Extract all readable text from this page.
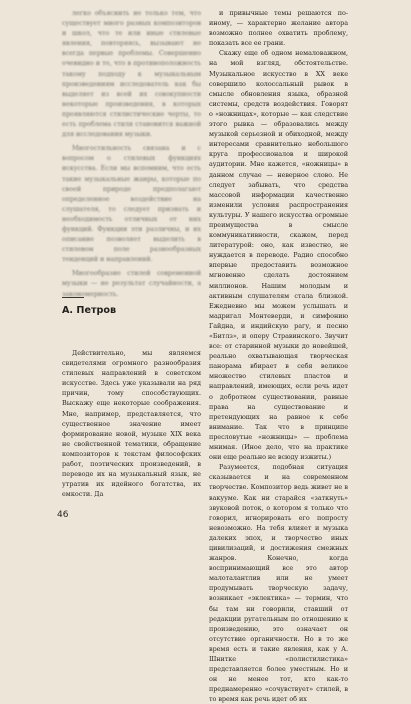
легко объяснить не только тем, что существует много разных композиторов и школ, что те или иные стилевые явления, повторяясь, вызывают не всегда первые проблемы. Совершенно очевидно и то, что в противоположность такому подходу к музыкальным произведениям исследователь как бы выделяет из всей их совокупности некоторые произведения, в которых проявляются стилистические черты, то есть проблема стиля становится важной для исследования музыки.

Многостильность связана и с вопросом о стилевых функциях искусства. Если мы вспомним, что есть такие музыкальные жанры, которые по своей природе предполагают определенное воздействие на слушателя, то следует признать и необходимость отличных от них функций. Функции эти различны, и их описание позволяет выделить в стилевом поле разнообразных тенденций и направлений.

Многообразие стилей современной музыки — не результат случайности, а закономерность.

А. Петров

Действительно, мы являемся свидетелями огромного разнообразия стилевых направлений в советском искусстве. Здесь уже указывали на ряд причин, тому способствующих. Выскажу еще некоторые соображения. Мне, например, представляется, что существенное значение имеет формирование новой, музыке XIX века не свойственной тематики, обращение композиторов к текстам философских работ, поэтических произведений, в переводе их на музыкальный язык, не утратив их идейного богатства, их емкости. Да

и привычные темы решаются по-иному, — характерно желание автора возможно полнее охватить проблему, показать все ее грани.

Скажу еще об одном немаловажном, на мой взгляд, обстоятельстве. Музыкальное искусство в XX веке совершило колоссальный рывок в смысле обновления языка, образной системы, средств воздействия. Говорят о «ножницах», которые — как следствие этого рывка — образовались между музыкой серьезной и обиходной, между интересами сравнительно небольшого круга профессионалов и широкой аудитории. Мне кажется, «ножницы» в данном случае — неверное слово. Не следует забывать, что средства массовой информации качественно изменили условия распространения культуры. У нашего искусства огромные преимущества в смысле коммуникативности, скажем, перед литературой: оно, как известно, не нуждается в переводе. Радио способно впервые предоставить возможное мгновенно сделать достоянием миллионов. Нашим молодым и активным слушателям стала близкой. Ежедневно мы можем услышать и мадригал Монтеверди, и симфонию Гайдна, и индийскую рагу, и песню «Битлз», и оперу Стравинского. Звучит все: от старинной музыки до новейшей, реально охватывающая творческая панорама вбирает в себя великое множество стилевых пластов и направлений, имеющих, если речь идет о добротном существовании, равные права на существование и претендующих на равное к себе внимание. Так что в принципе пресловутые «ножницы» — проблема мнимая. (Иное дело, что на практике они еще реально не всюду изжиты.)

Разумеется, подобная ситуация сказывается и на современном творчестве. Композитор ведь живет не в вакууме. Как ни старайся «заткнуть» звуковой поток, о котором я только что говорил, игнорировать его попросту невозможно. На тебя влияет и музыка далеких эпох, и творчество иных цивилизаций, и достижения смежных жанров. Конечно, когда воспринимающий все это автор малоталантлив или не умеет продумывать творческую задачу, возникает «эклектика» — термин, что бы там ни говорили, ставший от редакции ругательным по отношению к произведению, это означает он отсутствие органичности. Но в то же время есть и такие явления, как у А. Шнитке «полистилистика» представляется более уместным. Но и он не менее тот, кто как-то преднамеренно «сочувствует» стилей, в то время как речь идет об их

46
